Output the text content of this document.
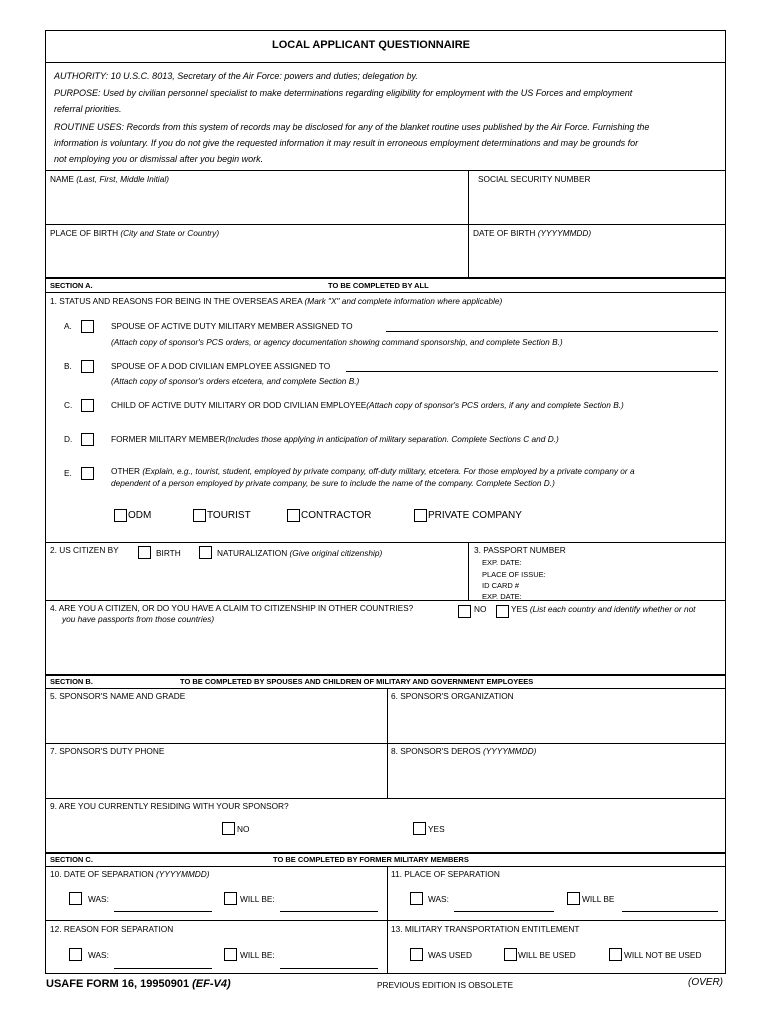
LOCAL APPLICANT QUESTIONNAIRE
AUTHORITY: 10 U.S.C. 8013, Secretary of the Air Force: powers and duties; delegation by.
PURPOSE: Used by civilian personnel specialist to make determinations regarding eligibility for employment with the US Forces and employment
referral priorities.
ROUTINE USES: Records from this system of records may be disclosed for any of the blanket routine uses published by the Air Force. Furnishing the
information is voluntary. If you do not give the requested information it may result in erroneous employment determinations and may be grounds for
not employing you or dismissal after you begin work.
NAME (Last, First, Middle Initial)	SOCIAL SECURITY NUMBER
PLACE OF BIRTH (City and State or Country)	DATE OF BIRTH (YYYYMMDD)
SECTION A.	TO BE COMPLETED BY ALL
1. STATUS AND REASONS FOR BEING IN THE OVERSEAS AREA (Mark "X" and complete information where applicable)
A.	SPOUSE OF ACTIVE DUTY MILITARY MEMBER ASSIGNED TO
(Attach copy of sponsor's PCS orders, or agency documentation showing command sponsorship, and complete Section B.)
B.	SPOUSE OF A DOD CIVILIAN EMPLOYEE ASSIGNED TO
(Attach copy of sponsor's orders etcetera, and complete Section B.)
C.	CHILD OF ACTIVE DUTY MILITARY OR DOD CIVILIAN EMPLOYEE(Attach copy of sponsor's PCS orders, if any and complete Section B.)
D.	FORMER MILITARY MEMBER(Includes those applying in anticipation of military separation. Complete Sections C and D.)
E.	OTHER (Explain, e.g., tourist, student, employed by private company, off-duty military, etcetera. For those employed by a private company or a
dependent of a person employed by private company, be sure to include the name of the company. Complete Section D.)
ODM	TOURIST	CONTRACTOR	PRIVATE COMPANY
2. US CITIZEN BY	BIRTH	NATURALIZATION (Give original citizenship)	3. PASSPORT NUMBER
EXP. DATE:
PLACE OF ISSUE:
ID CARD #
EXP. DATE:
4. ARE YOU A CITIZEN, OR DO YOU HAVE A CLAIM TO CITIZENSHIP IN OTHER COUNTRIES?
you have passports from those countries)
NO	YES (List each country and identify whether or not
SECTION B.	TO BE COMPLETED BY SPOUSES AND CHILDREN OF MILITARY AND GOVERNMENT EMPLOYEES
5. SPONSOR'S NAME AND GRADE	6. SPONSOR'S ORGANIZATION
7. SPONSOR'S DUTY PHONE	8. SPONSOR'S DEROS (YYYYMMDD)
9. ARE YOU CURRENTLY RESIDING WITH YOUR SPONSOR?
NO	YES
SECTION C.	TO BE COMPLETED BY FORMER MILITARY MEMBERS
10. DATE OF SEPARATION (YYYYMMDD)	11. PLACE OF SEPARATION
WAS:	WILL BE:	WAS:	WILL BE
12. REASON FOR SEPARATION	13. MILITARY TRANSPORTATION ENTITLEMENT
WAS:	WILL BE:	WAS USED	WILL BE USED	WILL NOT BE USED
USAFE FORM 16, 19950901 (EF-V4)	PREVIOUS EDITION IS OBSOLETE	(OVER)
